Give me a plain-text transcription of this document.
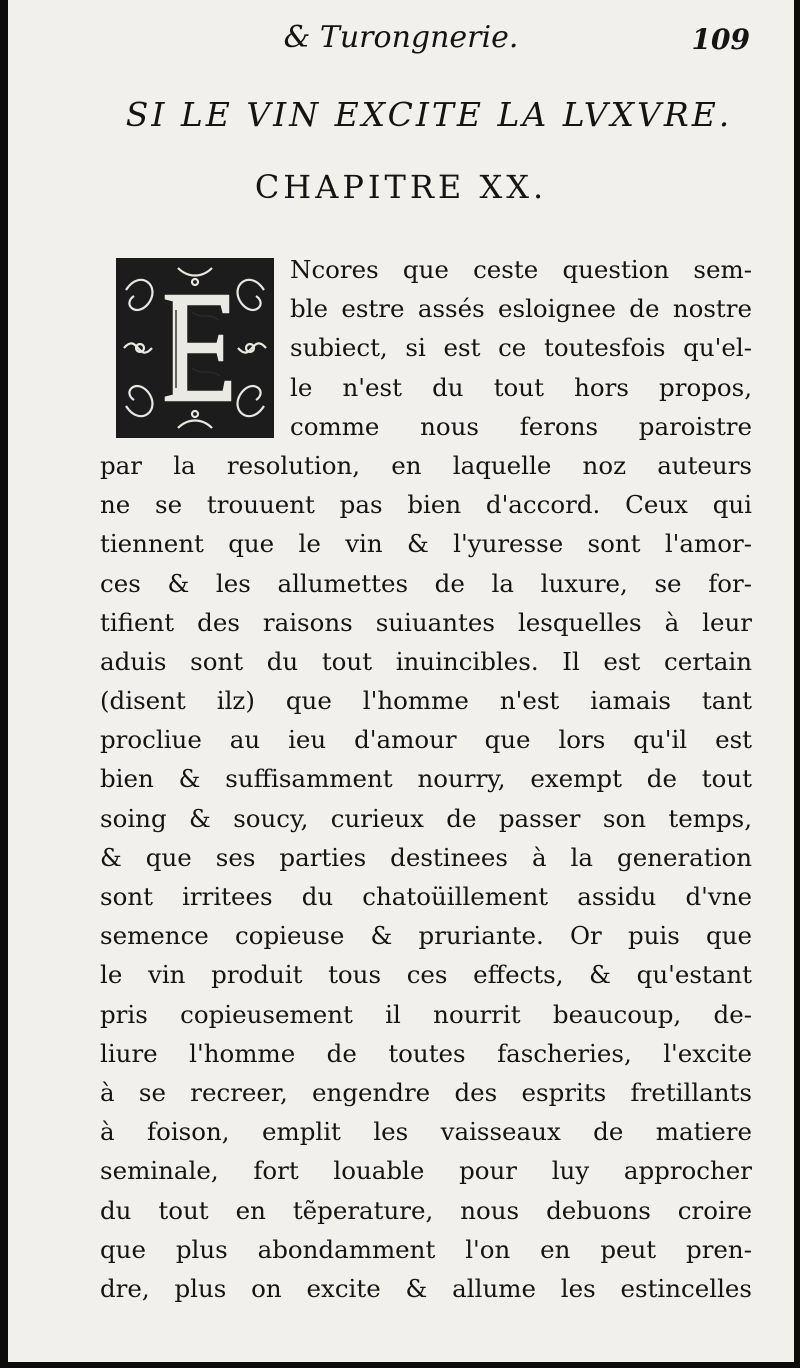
& Turongnerie.	109
SI LE VIN EXCITE LA LVXVRE.
CHAPITRE XX.
Ncores que ceste question sem-
ble estre assés esloignee de nostre
subiect, si est ce toutesfois qu'el-
le n'est du tout hors propos,
comme nous ferons paroistre
par la resolution, en laquelle noz auteurs
ne se trouuent pas bien d'accord. Ceux qui
tiennent que le vin & l'yuresse sont l'amor-
ces & les allumettes de la luxure, se for-
tifient des raisons suiuantes lesquelles à leur
aduis sont du tout inuincibles. Il est certain
(disent ilz) que l'homme n'est iamais tant
procliue au ieu d'amour que lors qu'il est
bien & suffisamment nourry, exempt de tout
soing & soucy, curieux de passer son temps,
& que ses parties destinees à la generation
sont irritees du chatoüillement assidu d'vne
semence copieuse & pruriante. Or puis que
le vin produit tous ces effects, & qu'estant
pris copieusement il nourrit beaucoup, de-
liure l'homme de toutes fascheries, l'excite
à se recreer, engendre des esprits fretillants
à foison, emplit les vaisseaux de matiere
seminale, fort louable pour luy approcher
du tout en tẽperature, nous debuons croire
que plus abondamment l'on en peut pren-
dre, plus on excite & allume les estincelles
